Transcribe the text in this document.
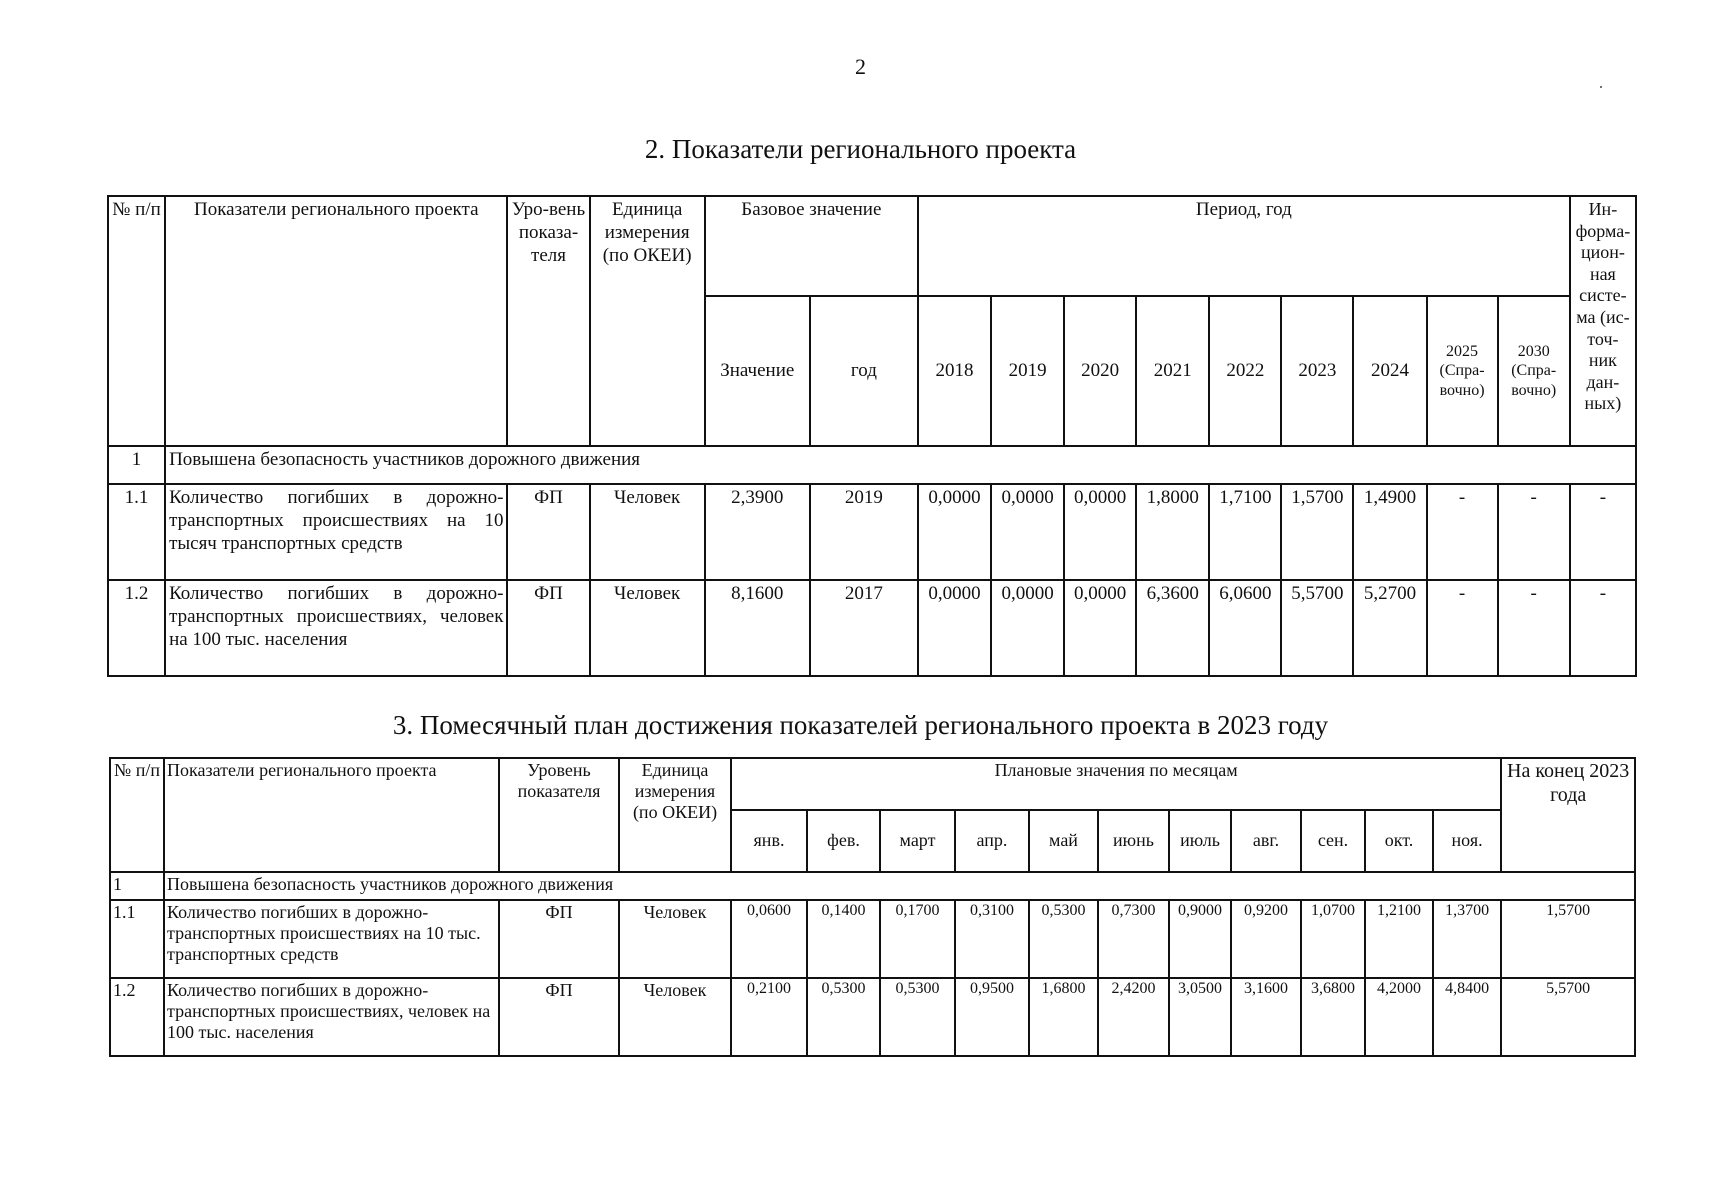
2
2. Показатели регионального проекта
№ п/п	Показатели регионального проекта	Уро-вень показа-теля	Единица измерения (по ОКЕИ)	Базовое значение		Период, год									Ин-форма-цион-ная систе-ма (ис-точ-ник дан-ных)
				Значение	год	2018	2019	2020	2021	2022	2023	2024	2025 (Спра-вочно)	2030 (Спра-вочно)	
1	Повышена безопасность участников дорожного движения														
1.1	Количество погибших в дорожно-транспортных происшествиях на 10 тысяч транспортных средств	ФП	Человек	2,3900	2019	0,0000	0,0000	0,0000	1,8000	1,7100	1,5700	1,4900	-	-	-
1.2	Количество погибших в дорожно-транспортных происшествиях, человек на 100 тыс. населения	ФП	Человек	8,1600	2017	0,0000	0,0000	0,0000	6,3600	6,0600	5,5700	5,2700	-	-	-
3. Помесячный план достижения показателей регионального проекта в 2023 году
№ п/п	Показатели регионального проекта	Уровень показателя	Единица измерения (по ОКЕИ)	Плановые значения по месяцам											На конец 2023 года
				янв.	фев.	март	апр.	май	июнь	июль	авг.	сен.	окт.	ноя.	
1	Повышена безопасность участников дорожного движения														
1.1	Количество погибших в дорожно-транспортных происшествиях на 10 тыс. транспортных средств	ФП	Человек	0,0600	0,1400	0,1700	0,3100	0,5300	0,7300	0,9000	0,9200	1,0700	1,2100	1,3700	1,5700
1.2	Количество погибших в дорожно-транспортных происшествиях, человек на 100 тыс. населения	ФП	Человек	0,2100	0,5300	0,5300	0,9500	1,6800	2,4200	3,0500	3,1600	3,6800	4,2000	4,8400	5,5700
